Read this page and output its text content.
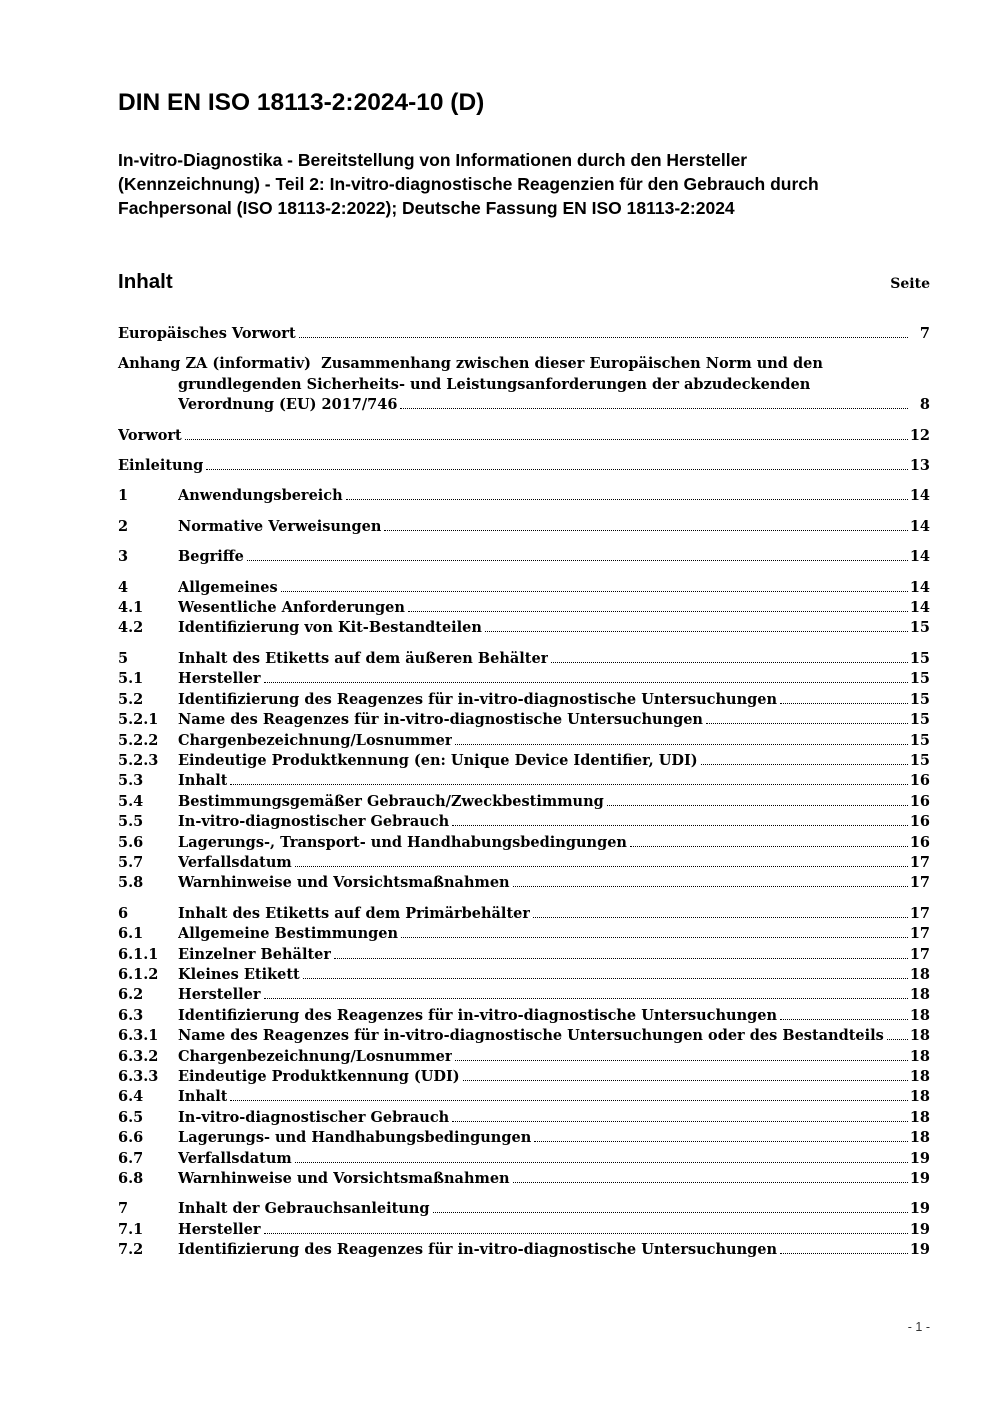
DIN EN ISO 18113-2:2024-10 (D)
In-vitro-Diagnostika - Bereitstellung von Informationen durch den Hersteller
(Kennzeichnung) - Teil 2: In-vitro-diagnostische Reagenzien für den Gebrauch durch
Fachpersonal (ISO 18113-2:2022); Deutsche Fassung EN ISO 18113-2:2024
Inhalt	Seite
Europäisches Vorwort	7
Anhang ZA (informativ)  Zusammenhang zwischen dieser Europäischen Norm und den
grundlegenden Sicherheits- und Leistungsanforderungen der abzudeckenden
Verordnung (EU) 2017/746	8
Vorwort	12
Einleitung	13
1	Anwendungsbereich	14
2	Normative Verweisungen	14
3	Begriffe	14
4	Allgemeines	14
4.1	Wesentliche Anforderungen	14
4.2	Identifizierung von Kit-Bestandteilen	15
5	Inhalt des Etiketts auf dem äußeren Behälter	15
5.1	Hersteller	15
5.2	Identifizierung des Reagenzes für in-vitro-diagnostische Untersuchungen	15
5.2.1	Name des Reagenzes für in-vitro-diagnostische Untersuchungen	15
5.2.2	Chargenbezeichnung/Losnummer	15
5.2.3	Eindeutige Produktkennung (en: Unique Device Identifier, UDI)	15
5.3	Inhalt	16
5.4	Bestimmungsgemäßer Gebrauch/Zweckbestimmung	16
5.5	In-vitro-diagnostischer Gebrauch	16
5.6	Lagerungs-, Transport- und Handhabungsbedingungen	16
5.7	Verfallsdatum	17
5.8	Warnhinweise und Vorsichtsmaßnahmen	17
6	Inhalt des Etiketts auf dem Primärbehälter	17
6.1	Allgemeine Bestimmungen	17
6.1.1	Einzelner Behälter	17
6.1.2	Kleines Etikett	18
6.2	Hersteller	18
6.3	Identifizierung des Reagenzes für in-vitro-diagnostische Untersuchungen	18
6.3.1	Name des Reagenzes für in-vitro-diagnostische Untersuchungen oder des Bestandteils 18
6.3.2	Chargenbezeichnung/Losnummer	18
6.3.3	Eindeutige Produktkennung (UDI)	18
6.4	Inhalt	18
6.5	In-vitro-diagnostischer Gebrauch	18
6.6	Lagerungs- und Handhabungsbedingungen	18
6.7	Verfallsdatum	19
6.8	Warnhinweise und Vorsichtsmaßnahmen	19
7	Inhalt der Gebrauchsanleitung	19
7.1	Hersteller	19
7.2	Identifizierung des Reagenzes für in-vitro-diagnostische Untersuchungen	19
- 1 -
